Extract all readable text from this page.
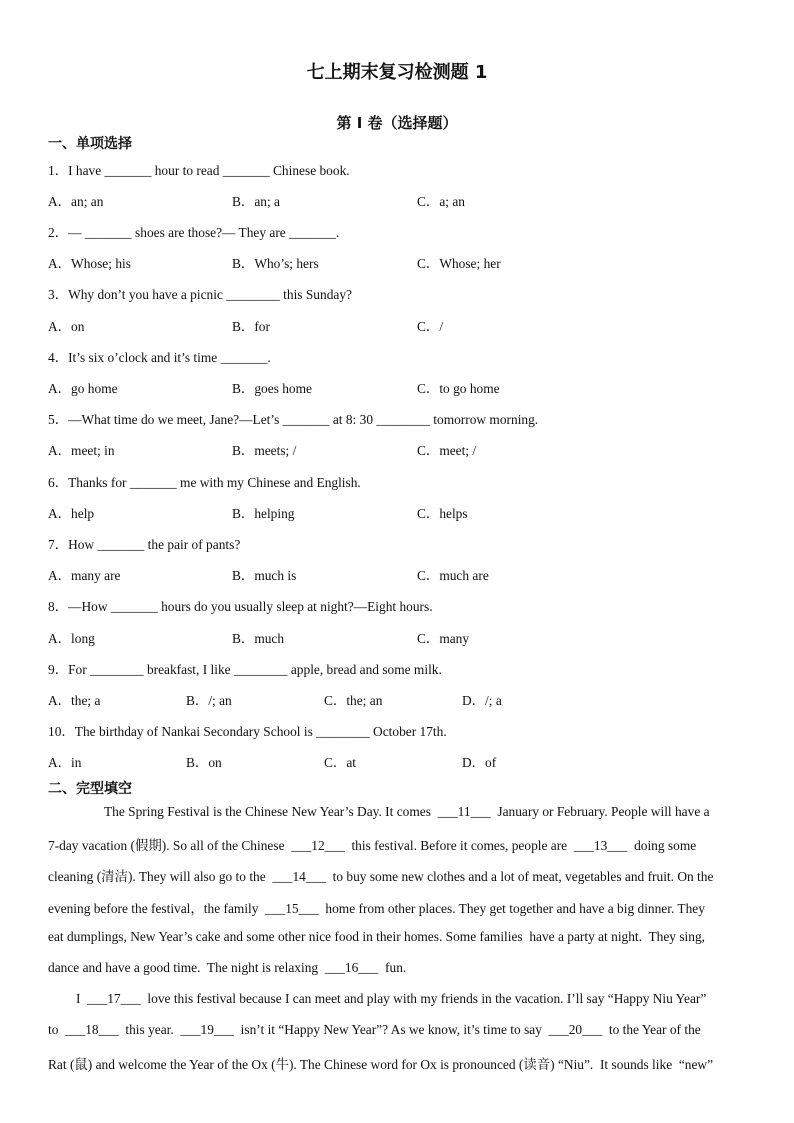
七上期末复习检测题 1
第 I 卷（选择题）
一、单项选择
1．I have _______ hour to read _______ Chinese book.
A．an; an	B．an; a	C．a; an
2．— _______ shoes are those?— They are _______.
A．Whose; his	B．Who’s; hers	C．Whose; her
3．Why don’t you have a picnic ________ this Sunday?
A．on	B．for	C．/
4．It’s six o’clock and it’s time _______.
A．go home	B．goes home	C．to go home
5．—What time do we meet, Jane?—Let’s _______ at 8: 30 ________ tomorrow morning.
A．meet; in	B．meets; /	C．meet; /
6．Thanks for _______ me with my Chinese and English.
A．help	B．helping	C．helps
7．How _______ the pair of pants?
A．many are	B．much is	C．much are
8．—How _______ hours do you usually sleep at night?—Eight hours.
A．long	B．much	C．many
9．For ________ breakfast, I like ________ apple, bread and some milk.
A．the; a	B．/; an	C．the; an	D．/; a
10．The birthday of Nankai Secondary School is ________ October 17th.
A．in	B．on	C．at	D．of
二、完型填空
The Spring Festival is the Chinese New Year’s Day. It comes  ___11___  January or February. People will have a
7-day vacation (假期). So all of the Chinese  ___12___  this festival. Before it comes, people are  ___13___  doing some
cleaning (清洁). They will also go to the  ___14___  to buy some new clothes and a lot of meat, vegetables and fruit. On the
evening before the festival，the family  ___15___  home from other places. They get together and have a big dinner. They
eat dumplings, New Year’s cake and some other nice food in their homes. Some families  have a party at night.  They sing,
dance and have a good time.  The night is relaxing  ___16___  fun.
I  ___17___  love this festival because I can meet and play with my friends in the vacation. I’ll say “Happy Niu Year”
to  ___18___  this year.  ___19___  isn’t it “Happy New Year”? As we know, it’s time to say  ___20___  to the Year of the
Rat (鼠) and welcome the Year of the Ox (牛). The Chinese word for Ox is pronounced (读音) “Niu”.  It sounds like  “new”
